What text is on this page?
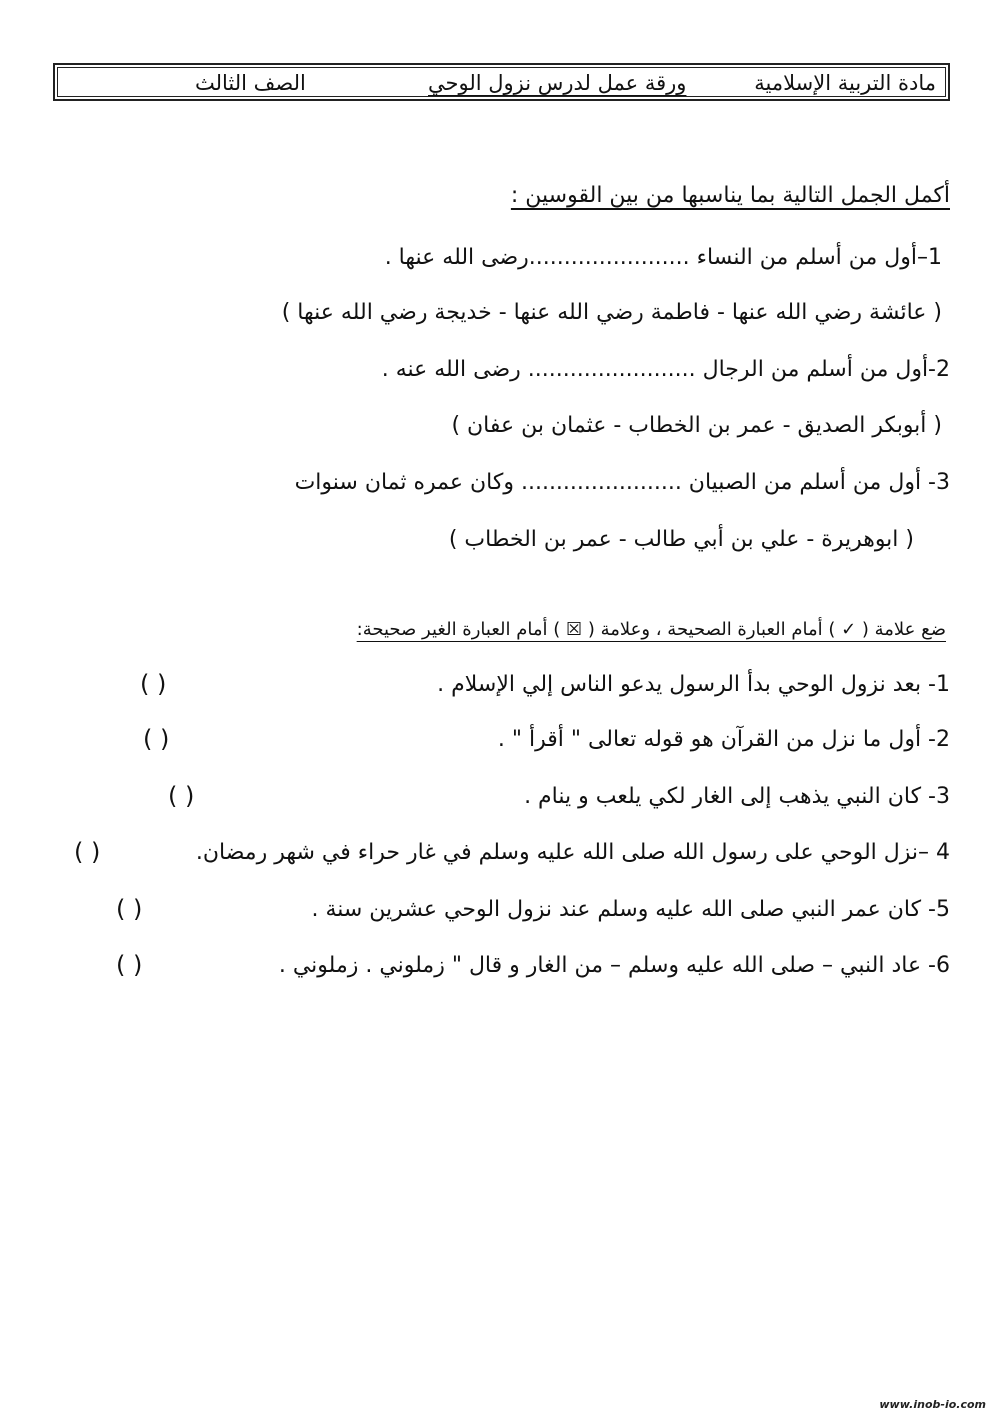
مادة التربية الإسلامية
ورقة عمل لدرس نزول الوحي
الصف الثالث
أكمل الجمل التالية بما يناسبها من بين القوسين :
1–أول من أسلم من النساء .......................رضى الله عنها .
( عائشة رضي الله عنها - فاطمة رضي الله عنها - خديجة رضي الله عنها )
2-أول من أسلم من الرجال ........................ رضى الله عنه .
( أبوبكر الصديق - عمر بن الخطاب - عثمان بن عفان )
3- أول من أسلم من الصبيان ....................... وكان عمره ثمان سنوات
( ابوهريرة - علي بن أبي طالب - عمر بن الخطاب )
ضع علامة ( ✓ ) أمام العبارة الصحيحة ، وعلامة ( ☒ ) أمام العبارة الغير صحيحة:
1- بعد نزول الوحي بدأ الرسول يدعو الناس إلي الإسلام .
( )
2- أول ما نزل من القرآن هو قوله تعالى " أقرأ " .
( )
3- كان النبي يذهب إلى الغار لكي يلعب و ينام .
( )
4 –نزل الوحي على رسول الله صلى الله عليه وسلم في غار حراء في شهر رمضان.
( )
5- كان عمر النبي صلى الله عليه وسلم عند نزول الوحي عشرين سنة .
( )
6- عاد النبي – صلى الله عليه وسلم – من الغار و قال " زملوني . زملوني .
( )
www.inob-io.com
